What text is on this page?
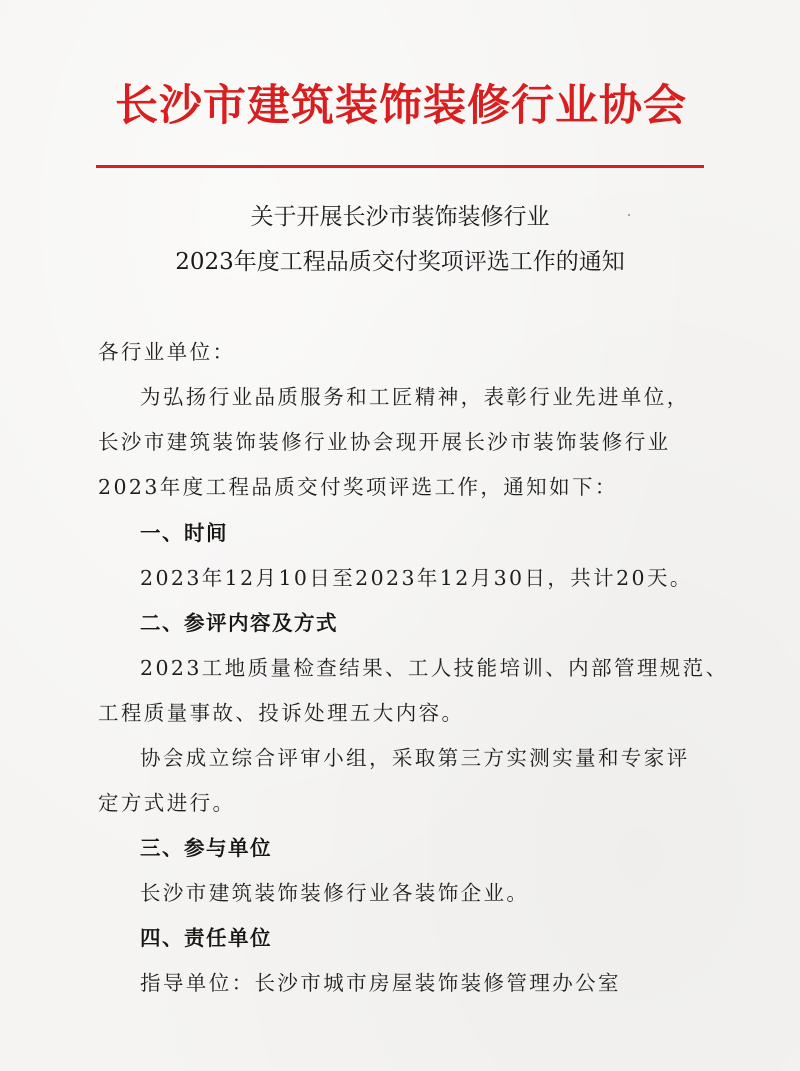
长沙市建筑装饰装修行业协会
关于开展长沙市装饰装修行业
2023年度工程品质交付奖项评选工作的通知
各行业单位：
为弘扬行业品质服务和工匠精神，表彰行业先进单位，
长沙市建筑装饰装修行业协会现开展长沙市装饰装修行业
2023年度工程品质交付奖项评选工作，通知如下：
一、时间
2023年12月10日至2023年12月30日，共计20天。
二、参评内容及方式
2023工地质量检查结果、工人技能培训、内部管理规范、
工程质量事故、投诉处理五大内容。
协会成立综合评审小组，采取第三方实测实量和专家评
定方式进行。
三、参与单位
长沙市建筑装饰装修行业各装饰企业。
四、责任单位
指导单位：长沙市城市房屋装饰装修管理办公室
